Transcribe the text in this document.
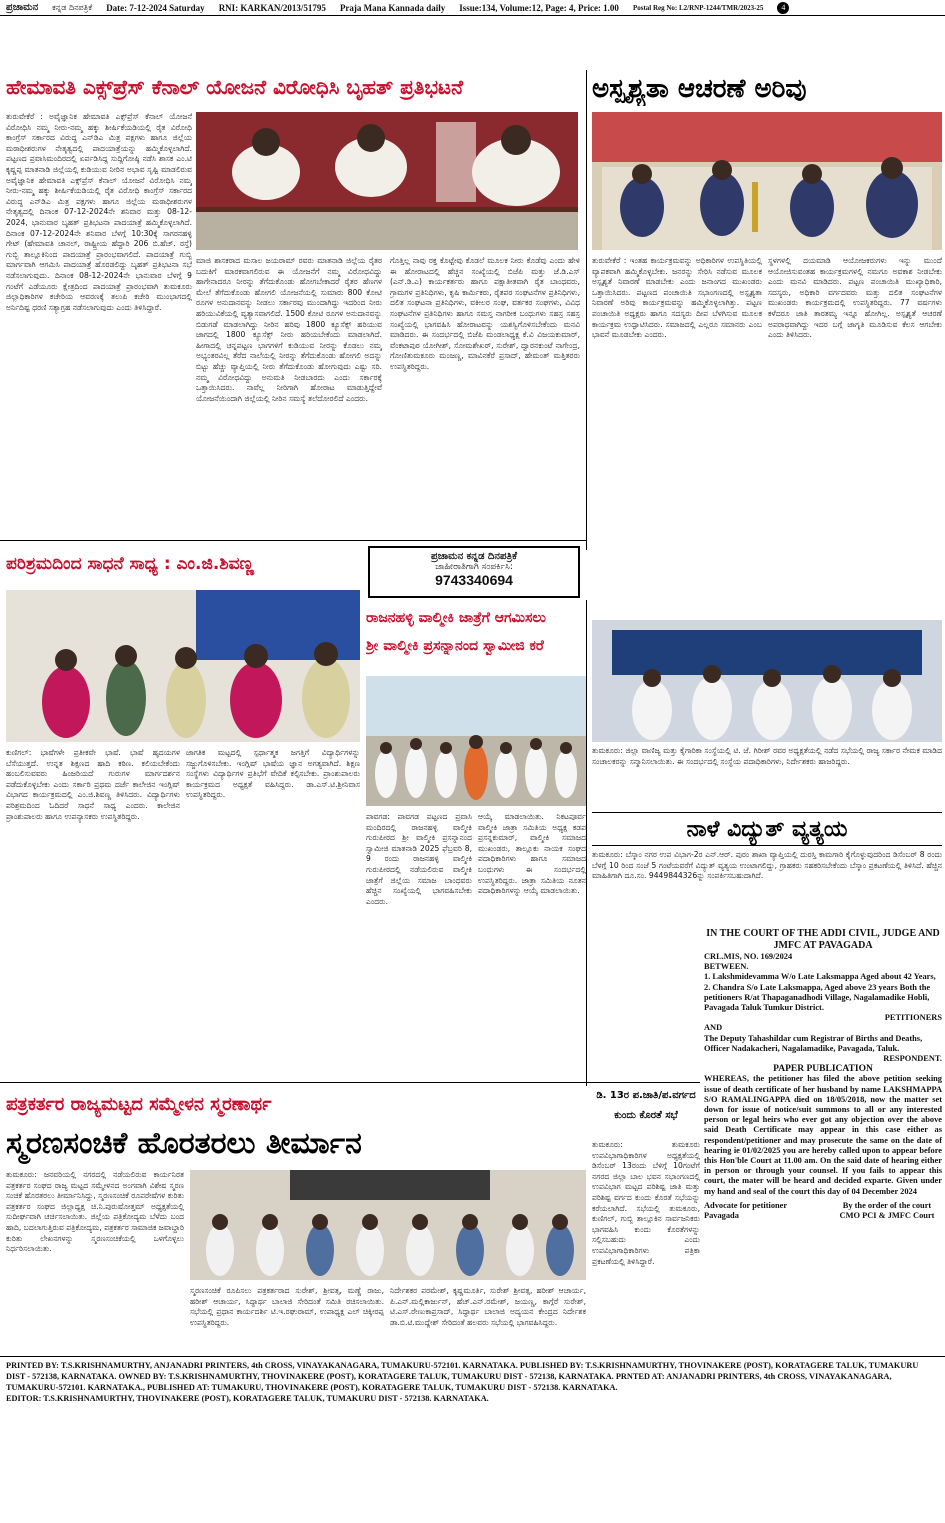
ಪ್ರಜಾಮನ ಕನ್ನಡ ದಿನಪತ್ರಿಕೆ Date: 7-12-2024 Saturday RNI: KARKAN/2013/51795 Praja Mana Kannada daily Issue:134, Volume:12, Page: 4, Price: 1.00 Postal Reg No: L2/RNP-1244/TMR/2023-25	4
ಹೇಮಾವತಿ ಎಕ್ಸ್‌ಪ್ರೆಸ್ ಕೆನಾಲ್ ಯೋಜನೆ ವಿರೋಧಿಸಿ ಬೃಹತ್ ಪ್ರತಿಭಟನೆ	ಅಸ್ಪೃಶ್ಯತಾ ಆಚರಣೆ ಅರಿವು
ತುರುವೇಕೆರೆ : ಅವೈಜ್ಞಾನಿಕ ಹೇಮಾವತಿ ಎಕ್ಸ್‌ಪ್ರೆಸ್ ಕೆನಾಲ್ ಯೋಜನೆ ವಿರೋಧಿಸಿ ನಮ್ಮ ನೀರು-ನಮ್ಮ ಹಕ್ಕು ಶೀರ್ಷಿಕೆಯಡಿಯಲ್ಲಿ ರೈತ ವಿರೋಧಿ ಕಾಂಗ್ರೆಸ್ ಸರ್ಕಾರದ ವಿರುದ್ಧ ಎನ್‌ಡಿಎ ಮಿತ್ರ ಪಕ್ಷಗಳು ಹಾಗೂ ಜಿಲ್ಲೆಯ ಮಠಾಧೀಶರುಗಳ ನೇತೃತ್ವದಲ್ಲಿ ಪಾದಯಾತ್ರೆಯನ್ನು ಹಮ್ಮಿಕೊಳ್ಳಲಾಗಿದೆ. ಪಟ್ಟಣದ ಪ್ರವಾಸಿಮಂದಿರದಲ್ಲಿ ಏರ್ಪಡಿಸಿದ್ದ ಸುದ್ದಿಗೋಷ್ಠಿ ನಡೆಸಿ ಶಾಸಕ ಎಂ.ಟಿ ಕೃಷ್ಣಪ್ಪ ಮಾತನಾಡಿ ಜಿಲ್ಲೆಯಲ್ಲಿ ಕುಡಿಯುವ ನೀರಿನ ಅಭಾವ ಸೃಷ್ಟಿ ಮಾಡಲಿರುವ ಅವೈಜ್ಞಾನಿಕ ಹೇಮಾವತಿ ಎಕ್ಸ್‌ಪ್ರೆಸ್ ಕೆನಾಲ್ ಯೋಜನೆ ವಿರೋಧಿಸಿ ನಮ್ಮ ನೀರು-ನಮ್ಮ ಹಕ್ಕು ಶೀರ್ಷಿಕೆಯಡಿಯಲ್ಲಿ ರೈತ ವಿರೋಧಿ ಕಾಂಗ್ರೆಸ್ ಸರ್ಕಾರದ ವಿರುದ್ಧ ಎನ್‌ಡಿಎ ಮಿತ್ರ ಪಕ್ಷಗಳು ಹಾಗೂ ಜಿಲ್ಲೆಯ ಮಠಾಧೀಶರುಗಳ ನೇತೃತ್ವದಲ್ಲಿ ದಿನಾಂಕ 07-12-2024ನೇ ಶನಿವಾರ ಮತ್ತು 08-12-2024, ಭಾನುವಾರ ಬೃಹತ್ ಪ್ರತಿಭಟನಾ ಪಾದಯಾತ್ರೆ ಹಮ್ಮಿಕೊಳ್ಳಲಾಗಿದೆ. ದಿನಾಂಕ 07-12-2024ನೇ ಶನಿವಾರ ಬೆಳಗ್ಗೆ 10:30ಕ್ಕೆ ಸಾಗರನಹಳ್ಳಿ ಗೇಟ್ (ಹೇಮಾವತಿ ಚಾನಲ್, ರಾಷ್ಟ್ರೀಯ ಹೆದ್ದಾರಿ 206 ಬಿ.ಹೆಚ್. ರಸ್ತೆ) ಗುಬ್ಬಿ ತಾಲ್ಲೂಕಿನಿಂದ ಪಾದಯಾತ್ರೆ ಪ್ರಾರಂಭವಾಗಲಿದೆ. ಪಾದಯಾತ್ರೆ ಗುಬ್ಬಿ ಮಾರ್ಗವಾಗಿ ಆಗಮಿಸಿ ಪಾದಯಾತ್ರೆ ಹೊರಡಲಿದ್ದು ಬೃಹತ್ ಪ್ರತಿಭಟನಾ ಸಭೆ ನಡೆಸಲಾಗುವುದು. ದಿನಾಂಕ 08-12-2024ನೇ ಭಾನುವಾರ ಬೆಳಗ್ಗೆ 9 ಗಂಟೆಗೆ ಎಡೆಯೂರು ಕ್ಷೇತ್ರದಿಂದ ಪಾದಯಾತ್ರೆ ಪ್ರಾರಂಭವಾಗಿ ತುಮಕೂರು ಜಿಲ್ಲಾಧಿಕಾರಿಗಳ ಕಚೇರಿಯ ಆವರಣಕ್ಕೆ ತಲುಪಿ ಕಚೇರಿ ಮುಂಭಾಗದಲ್ಲಿ ಅರ್ನಿದಿಷ್ಟ ಧರಣಿ ಸತ್ಯಾಗ್ರಹ ನಡೆಸಲಾಗುವುದು ಎಂದು ತಿಳಿಸಿದ್ದಾರೆ.
ಮಾಜಿ ಶಾಸಕರಾದ ಮಸಾಲ ಜಯರಾಮ್ ರವರು ಮಾತನಾಡಿ ಜಿಲ್ಲೆಯ ರೈತರ ಬದುಕಿಗೆ ಮಾರಕವಾಗಲಿರುವ ಈ ಯೋಜನೆಗೆ ನಮ್ಮ ವಿರೋಧವಿದ್ದು ಹಾಗೇನಾದರೂ ನೀರನ್ನು ತೆಗೆದುಕೊಂಡು ಹೋಗಬೇಕಾದರೆ ರೈತರ ಹೆಣಗಳ ಮೇಲೆ ತೆಗೆದುಕೊಂಡು ಹೋಗಲಿ ಯೋಜನೆಯಲ್ಲಿ ಸುಮಾರು 800 ಕೋಟಿ ರೂಗಳ ಅನುದಾನವನ್ನು ನೀಡಲು ಸರ್ಕಾರವು ಮುಂದಾಗಿದ್ದು ಇದರಿಂದ ನೀರು ಹರಿಯುವಿಕೆಯಲ್ಲಿ ವ್ಯತ್ಯಾಸವಾಗಲಿದೆ. 1500 ಕೋಟಿ ರೂಗಳ ಅನುದಾನವನ್ನು ಬಿಡುಗಡೆ ಮಾಡಲಾಗಿದ್ದು ನೀರಿನ ಹರಿವು 1800 ಕ್ಯೂಸೆಕ್ಸ್ ಹರಿಯುವ ಜಾಗದಲ್ಲಿ 1800 ಕ್ಯೂಸೆಕ್ಸ್ ನೀರು ಹರಿಯಬೇಕೆಂದು ಮಾಡಲಾಗಿದೆ. ಹೀಗಾದಲ್ಲಿ ಚನ್ನಪಟ್ಟಣ ಭಾಗಗಳಿಗೆ ಕುಡಿಯುವ ನೀರನ್ನು ಕೊಡಲು ನಮ್ಮ ಅಭ್ಯಂತರವಿಲ್ಲ ತೆರೆದ ನಾಲೆಯಲ್ಲಿ ನೀರನ್ನು ತೆಗೆದುಕೊಂಡು ಹೋಗಲಿ ಅದನ್ನು ಬಿಟ್ಟು ಹೆಚ್ಚು ವ್ಯಾಪ್ತಿಯಲ್ಲಿ ನೀರು ತೆಗೆದುಕೊಂಡು ಹೋಗುವುದು ಎಷ್ಟು ಸರಿ. ನಮ್ಮ ವಿರೋಧವಿದ್ದು ಅನುಮತಿ ನೀಡಬಾರದು ಎಂದು ಸರ್ಕಾರಕ್ಕೆ ಒತ್ತಾಯಿಸಿದರು. ನಾವೆಲ್ಲ ನೀರಿಗಾಗಿ ಹೋರಾಟ ಮಾಡುತ್ತಿದ್ದೇವೆ ಯೋಜನೆಯಿಂದಾಗಿ ಜಿಲ್ಲೆಯಲ್ಲಿ ನೀರಿನ ಸಮಸ್ಯೆ ತಲೆದೋರಲಿದೆ ಎಂದರು.
ಗೊತ್ತಿಲ್ಲ ನಾವು ರಕ್ತ ಕೊಟ್ಟೇವು ಕೊಡಲೆ ಮೂಲಕ ನೀರು ಕೊಡೆವು ಎಂದು ಹೇಳಿ ಈ ಹೋರಾಟದಲ್ಲಿ ಹೆಚ್ಚಿನ ಸಂಖ್ಯೆಯಲ್ಲಿ ಬಿಜೆಪಿ ಮತ್ತು ಜೆ.ಡಿ.ಎಸ್ (ಎನ್.ಡಿ.ಎ) ಕಾರ್ಯಕರ್ತರು ಹಾಗೂ ಪಕ್ಷಾತೀತವಾಗಿ ರೈತ ಬಾಂಧವರು, ಗ್ರಾಮಗಳ ಪ್ರತಿನಿಧಿಗಳು, ಕೃಷಿ ಕಾರ್ಮಿಕರು, ರೈತಪರ ಸಂಘಟನೆಗಳ ಪ್ರತಿನಿಧಿಗಳು, ದಲಿತ ಸಂಘಟನಾ ಪ್ರತಿನಿಧಿಗಳು, ವಕೀಲರ ಸಂಘ, ವರ್ತಕರ ಸಂಘಗಳು, ವಿವಿಧ ಸಂಘಟನೆಗಳ ಪ್ರತಿನಿಧಿಗಳು ಹಾಗೂ ಸಮಸ್ತ ನಾಗರೀಕ ಬಂಧುಗಳು ಸಹಸ್ರ ಸಹಸ್ರ ಸಂಖ್ಯೆಯಲ್ಲಿ ಭಾಗವಹಿಸಿ ಹೋರಾಟವನ್ನು ಯಶಸ್ವಿಗೊಳಿಸಬೇಕೆಂದು ಮನವಿ ಮಾಡಿದರು. ಈ ಸಂದರ್ಭದಲ್ಲಿ ಬಿಜೆಪಿ ಮಂಡಲಾಧ್ಯಕ್ಷ ಕೆ.ವಿ ವಿಜಯಕುಮಾರ್, ವೆಂಕಟಾಪುರ ಯೋಗೀಶ್, ಸೋಮಶೇಖರ್, ಸುರೇಶ್, ದ್ವಾರನಕುಂಟೆ ನಾಗೇಂದ್ರ, ಗೋಣಿತುಮಕೂರು ಮಂಜಣ್ಣ, ಮಾವಿನಕೆರೆ ಪ್ರಸಾದ್, ಹೇಮಂತ್ ಮತ್ತಿತರರು ಉಪಸ್ಥಿತರಿದ್ದರು.
ತುರುವೇಕೆರೆ : ಇಂತಹ ಕಾರ್ಯಕ್ರಮವನ್ನು ಅಧಿಕಾರಿಗಳ ಉಪಸ್ಥಿತಿಯಲ್ಲಿ ವ್ಯಾಪಕವಾಗಿ ಹಮ್ಮಿಕೊಳ್ಳಬೇಕು. ಜನರನ್ನು ಸೇರಿಸಿ ನಡೆಸುವ ಮೂಲಕ ಅಸ್ಪೃಶ್ಯತೆ ನಿವಾರಣೆ ಮಾಡಬೇಕು ಎಂದು ಜನಾಂಗದ ಮುಖಂಡರು ಒತ್ತಾಯಿಸಿದರು. ಪಟ್ಟಣದ ಪಂಚಾಯಿತಿ ಸಭಾಂಗಣದಲ್ಲಿ ಅಸ್ಪೃಶ್ಯತಾ ನಿವಾರಣೆ ಅರಿವು ಕಾರ್ಯಕ್ರಮವನ್ನು ಹಮ್ಮಿಕೊಳ್ಳಲಾಗಿತ್ತು. ಪಟ್ಟಣ ಪಂಚಾಯಿತಿ ಅಧ್ಯಕ್ಷರು ಹಾಗೂ ಸದಸ್ಯರು ದೀಪ ಬೆಳಗಿಸುವ ಮೂಲಕ ಕಾರ್ಯಕ್ರಮ ಉದ್ಘಾಟಿಸಿದರು. ಸಮಾಜದಲ್ಲಿ ಎಲ್ಲರೂ ಸಮಾನರು ಎಂಬ ಭಾವನೆ ಮೂಡಬೇಕು ಎಂದರು.
ಸ್ಥಳಗಳಲ್ಲಿ ದಯಮಾಡಿ ಆಯೋಜಕರುಗಳು ಇನ್ನು ಮುಂದೆ ಆಯೋಜಿಸುವಂತಹ ಕಾರ್ಯಕ್ರಮಗಳಲ್ಲಿ ನಮಗೂ ಅವಕಾಶ ನೀಡಬೇಕು ಎಂದು ಮನವಿ ಮಾಡಿದರು. ಪಟ್ಟಣ ಪಂಚಾಯಿತಿ ಮುಖ್ಯಾಧಿಕಾರಿ, ಸದಸ್ಯರು, ಅಧಿಕಾರಿ ವರ್ಗದವರು ಮತ್ತು ದಲಿತ ಸಂಘಟನೆಗಳ ಮುಖಂಡರು ಕಾರ್ಯಕ್ರಮದಲ್ಲಿ ಉಪಸ್ಥಿತರಿದ್ದರು. 77 ವರ್ಷಗಳು ಕಳೆದರೂ ಜಾತಿ ತಾರತಮ್ಯ ಇನ್ನೂ ಹೋಗಿಲ್ಲ. ಅಸ್ಪೃಶ್ಯತೆ ಆಚರಣೆ ಅಪರಾಧವಾಗಿದ್ದು ಇದರ ಬಗ್ಗೆ ಜಾಗೃತಿ ಮೂಡಿಸುವ ಕೆಲಸ ಆಗಬೇಕು ಎಂದು ತಿಳಿಸಿದರು.
ತುಮಕೂರು: ಜಿಲ್ಲಾ ವಾಣಿಜ್ಯ ಮತ್ತು ಕೈಗಾರಿಕಾ ಸಂಸ್ಥೆಯಲ್ಲಿ ಟಿ. ಜೆ. ಗಿರೀಶ್ ರವರ ಅಧ್ಯಕ್ಷತೆಯಲ್ಲಿ ನಡೆದ ಸಭೆಯಲ್ಲಿ ರಾಜ್ಯ ಸರ್ಕಾರ ನೇಮಕ ಮಾಡಿದ ಸಂಚಾಲಕರನ್ನು ಸನ್ಮಾನಿಸಲಾಯಿತು. ಈ ಸಂದರ್ಭದಲ್ಲಿ ಸಂಸ್ಥೆಯ ಪದಾಧಿಕಾರಿಗಳು, ನಿರ್ದೇಶಕರು ಹಾಜರಿದ್ದರು.
ಪರಿಶ್ರಮದಿಂದ ಸಾಧನೆ ಸಾಧ್ಯ : ಎಂ.ಜಿ.ಶಿವಣ್ಣ	ಪ್ರಜಾಮನ ಕನ್ನಡ ದಿನಪತ್ರಿಕೆ
ಜಾಹೀರಾತಿಗಾಗಿ ಸಂಪರ್ಕಿಸಿ:
9743340694
ಕುಣಿಗಲ್: ಭಾಷೆಗಳೇ ಪ್ರತೀಕವೇ ಭಾಷೆ. ಭಾಷೆ ಹೃದಯಗಳ ಬೆಸೆಯುತ್ತದೆ. ಉನ್ನತ ಶಿಕ್ಷಣದ ಹಾದಿ ಕಠಿಣ. ಕಲಿಯಬೇಕೆಂದು ಹಂಬಲಿಸುವವರು ಹಿಂಜರಿಯದೆ ಗುರುಗಳ ಮಾರ್ಗದರ್ಶನ ಪಡೆದುಕೊಳ್ಳಬೇಕು ಎಂದು ಸರ್ಕಾರಿ ಪ್ರಥಮ ದರ್ಜೆ ಕಾಲೇಜಿನ ಇಂಗ್ಲಿಷ್ ವಿಭಾಗದ ಕಾರ್ಯಕ್ರಮದಲ್ಲಿ ಎಂ.ಜಿ.ಶಿವಣ್ಣ ತಿಳಿಸಿದರು. ವಿದ್ಯಾರ್ಥಿಗಳು ಪರಿಶ್ರಮದಿಂದ ಓದಿದರೆ ಸಾಧನೆ ಸಾಧ್ಯ ಎಂದರು. ಕಾಲೇಜಿನ ಪ್ರಾಂಶುಪಾಲರು ಹಾಗೂ ಉಪನ್ಯಾಸಕರು ಉಪಸ್ಥಿತರಿದ್ದರು.
ಜಾಗತಿಕ ಮಟ್ಟದಲ್ಲಿ ಸ್ಪರ್ಧಾತ್ಮಕ ಜಗತ್ತಿಗೆ ವಿದ್ಯಾರ್ಥಿಗಳನ್ನು ಸಜ್ಜುಗೊಳಿಸಬೇಕು. ಇಂಗ್ಲಿಷ್ ಭಾಷೆಯ ಜ್ಞಾನ ಅಗತ್ಯವಾಗಿದೆ. ಶಿಕ್ಷಣ ಸಂಸ್ಥೆಗಳು ವಿದ್ಯಾರ್ಥಿಗಳ ಪ್ರತಿಭೆಗೆ ವೇದಿಕೆ ಕಲ್ಪಿಸಬೇಕು. ಪ್ರಾಂಶುಪಾಲರು ಕಾರ್ಯಕ್ರಮದ ಅಧ್ಯಕ್ಷತೆ ವಹಿಸಿದ್ದರು. ಡಾ.ಎಸ್.ಟಿ.ಶ್ರೀನಿವಾಸ ಉಪಸ್ಥಿತರಿದ್ದರು.
ರಾಜನಹಳ್ಳಿ ವಾಲ್ಮೀಕಿ ಜಾತ್ರೆಗೆ ಆಗಮಿಸಲು
ಶ್ರೀ ವಾಲ್ಮೀಕಿ ಪ್ರಸನ್ನಾನಂದ ಸ್ವಾಮೀಜಿ ಕರೆ
ಪಾವಗಡ: ಪಾವಗಡ ಪಟ್ಟಣದ ಪ್ರವಾಸಿ ಮಂದಿರದಲ್ಲಿ ರಾಜನಹಳ್ಳಿ ವಾಲ್ಮೀಕಿ ಗುರುಪೀಠದ ಶ್ರೀ ವಾಲ್ಮೀಕಿ ಪ್ರಸನ್ನಾನಂದ ಸ್ವಾಮೀಜಿ ಮಾತನಾಡಿ 2025 ಫೆಬ್ರವರಿ 8, 9 ರಂದು ರಾಜನಹಳ್ಳಿ ವಾಲ್ಮೀಕಿ ಗುರುಪೀಠದಲ್ಲಿ ನಡೆಯಲಿರುವ ವಾಲ್ಮೀಕಿ ಜಾತ್ರೆಗೆ ಜಿಲ್ಲೆಯ ಸಮಾಜ ಬಾಂಧವರು ಹೆಚ್ಚಿನ ಸಂಖ್ಯೆಯಲ್ಲಿ ಭಾಗವಹಿಸಬೇಕು ಎಂದರು.
ಆಯ್ಕೆ ಮಾಡಲಾಯಿತು. ನಿಕಟಪೂರ್ವ ವಾಲ್ಮೀಕಿ ಜಾತ್ರಾ ಸಮಿತಿಯ ಅಧ್ಯಕ್ಷ ಕಡಪ ಪ್ರಸನ್ನಕುಮಾರ್, ವಾಲ್ಮೀಕಿ ಸಮಾಜದ ಮುಖಂಡರು, ತಾಲ್ಲೂಕು ನಾಯಕ ಸಂಘದ ಪದಾಧಿಕಾರಿಗಳು ಹಾಗೂ ಸಮಾಜದ ಬಂಧುಗಳು ಈ ಸಂದರ್ಭದಲ್ಲಿ ಉಪಸ್ಥಿತರಿದ್ದರು. ಜಾತ್ರಾ ಸಮಿತಿಯ ನೂತನ ಪದಾಧಿಕಾರಿಗಳನ್ನು ಆಯ್ಕೆ ಮಾಡಲಾಯಿತು.
ನಾಳೆ ವಿದ್ಯುತ್ ವ್ಯತ್ಯಯ
ತುಮಕೂರು: ಬೆಸ್ಕಾಂ ನಗರ ಉಪ ವಿಭಾಗ-2ರ ಎನ್.ಆರ್. ಪುರಂ ಶಾಖಾ ವ್ಯಾಪ್ತಿಯಲ್ಲಿ ದುರಸ್ತಿ ಕಾಮಗಾರಿ ಕೈಗೊಳ್ಳುವುದರಿಂದ ಡಿಸೆಂಬರ್ 8 ರಂದು ಬೆಳಗ್ಗೆ 10 ರಿಂದ ಸಂಜೆ 5 ಗಂಟೆಯವರೆಗೆ ವಿದ್ಯುತ್ ವ್ಯತ್ಯಯ ಉಂಟಾಗಲಿದ್ದು, ಗ್ರಾಹಕರು ಸಹಕರಿಸಬೇಕೆಂದು ಬೆಸ್ಕಾಂ ಪ್ರಕಟಣೆಯಲ್ಲಿ ತಿಳಿಸಿದೆ. ಹೆಚ್ಚಿನ ಮಾಹಿತಿಗಾಗಿ ದೂ.ಸಂ. 9449844326ನ್ನು ಸಂಪರ್ಕಿಸಬಹುದಾಗಿದೆ.
IN THE COURT OF THE ADDI CIVIL, JUDGE AND JMFC AT PAVAGADA
CRL.MIS, NO. 169/2024
BETWEEN.
1. Lakshmidevamma W/o Late Laksmappa Aged about 42 Years,
2. Chandra S/o Late Laksmappa, Aged above 23 years Both the petitioners R/at Thapaganadhodi Village, Nagalamadike Hobli, Pavagada Taluk Tumkur District.
PETITIONERS
AND
The Deputy Tahashildar cum Registrar of Births and Deaths, Officer Nadakacheri, Nagalamadike, Pavagada, Taluk.
RESPONDENT.
PAPER PUBLICATION
WHEREAS, the petitioner has filed the above petition seeking issue of death certificate of her husband by name LAKSHMAPPA S/O RAMALINGAPPA died on 18/05/2018, now the matter set down for issue of notice/suit summons to all or any interested person or legal heirs who ever got any objection over the above said Death Certificate may appear in this case either as respondent/petitioner and may prosecute the same on the date of hearing ie 01/02/2025 you are hereby called upon to appear before this Hon'ble Court at 11.00 am. On the said date of hearing either in person or through your counsel. If you fails to appear this court, the mater will be heard and decided exparte. Given under my hand and seal of the court this day of 04 December 2024
Advocate for petitioner Pavagada
By the order of the court CMO PCI & JMFC Court
ಪತ್ರಕರ್ತರ ರಾಜ್ಯಮಟ್ಟದ ಸಮ್ಮೇಳನ ಸ್ಮರಣಾರ್ಥ
ಸ್ಮರಣಸಂಚಿಕೆ ಹೊರತರಲು ತೀರ್ಮಾನ
ಡಿ. 13ರ ಪ.ಜಾತಿ/ಪ.ವರ್ಗದ
ಕುಂದು ಕೊರತೆ ಸಭೆ
ತುಮಕೂರು: ತುಮಕೂರು ಉಪವಿಭಾಗಾಧಿಕಾರಿಗಳ ಅಧ್ಯಕ್ಷತೆಯಲ್ಲಿ ಡಿಸೆಂಬರ್ 13ರಂದು ಬೆಳಿಗ್ಗೆ 10ಗಂಟೆಗೆ ನಗರದ ಜಿಲ್ಲಾ ಬಾಲ ಭವನ ಸಭಾಂಗಣದಲ್ಲಿ ಉಪವಿಭಾಗ ಮಟ್ಟದ ಪರಿಶಿಷ್ಟ ಜಾತಿ ಮತ್ತು ಪರಿಶಿಷ್ಟ ವರ್ಗದ ಕುಂದು ಕೊರತೆ ಸಭೆಯನ್ನು ಕರೆಯಲಾಗಿದೆ. ಸಭೆಯಲ್ಲಿ ತುಮಕೂರು, ಕುಣಿಗಲ್, ಗುಬ್ಬಿ ತಾಲ್ಲೂಕಿನ ಸಾರ್ವಜನಿಕರು ಭಾಗವಹಿಸಿ ಕುಂದು ಕೊರತೆಗಳನ್ನು ಸಲ್ಲಿಸಬಹುದು ಎಂದು ಉಪವಿಭಾಗಾಧಿಕಾರಿಗಳು ಪತ್ರಿಕಾ ಪ್ರಕಟಣೆಯಲ್ಲಿ ತಿಳಿಸಿದ್ದಾರೆ.
ತುಮಕೂರು: ಜನವರಿಯಲ್ಲಿ ನಗರದಲ್ಲಿ ನಡೆಯಲಿರುವ ಕಾರ್ಯನಿರತ ಪತ್ರಕರ್ತರ ಸಂಘದ ರಾಜ್ಯ ಮಟ್ಟದ ಸಮ್ಮೇಳನದ ಅಂಗವಾಗಿ ವಿಶೇಷ ಸ್ಮರಣ ಸಂಚಿಕೆ ಹೊರತರಲು ತೀರ್ಮಾನಿಸಿದ್ದು, ಸ್ಮರಣಸಂಚಿಕೆ ರೂಪರೇಷೆಗಳ ಕುರಿತು ಪತ್ರಕರ್ತರ ಸಂಘದ ಜಿಲ್ಲಾಧ್ಯಕ್ಷ ಚಿ.ನಿ.ಪುರುಷೋತ್ತಮ್ ಅಧ್ಯಕ್ಷತೆಯಲ್ಲಿ ಸುದೀರ್ಘವಾಗಿ ಚರ್ಚಿಸಲಾಯಿತು. ಜಿಲ್ಲೆಯ ಪತ್ರಿಕೋದ್ಯಮ ಬೆಳೆದು ಬಂದ ಹಾದಿ, ಬದಲಾಗುತ್ತಿರುವ ಪತ್ರಿಕೋದ್ಯಮ, ಪತ್ರಕರ್ತರ ಸಾಮಾಜಿಕ ಜವಾಬ್ದಾರಿ ಕುರಿತು ಲೇಖನಗಳನ್ನು ಸ್ಮರಣಸಂಚಿಕೆಯಲ್ಲಿ ಒಳಗೊಳ್ಳಲು ನಿರ್ಧರಿಸಲಾಯಿತು.
ಸ್ಮರಣಸಂಚಿಕೆ ರೂಪಿಸಲು ಪತ್ರಕರ್ತರಾದ ಸುರೇಶ್, ಶ್ರೀವತ್ಸ, ಮಣ್ಣೆ ರಾಜು, ಹರೀಶ್ ಆಚಾರ್ಯ, ಸಿದ್ಧಾರ್ಥ ಬಾಲಾಜಿ ಸೇರಿದಂತೆ ಸಮಿತಿ ರಚಿಸಲಾಯಿತು. ಸಭೆಯಲ್ಲಿ ಪ್ರಧಾನ ಕಾರ್ಯದರ್ಶಿ ಟಿ.ಇ.ರಘುರಾಮ್, ಉಪಾಧ್ಯಕ್ಷ ಎಲ್ ಚಿಕ್ಕೀರಪ್ಪ ಉಪಸ್ಥಿತರಿದ್ದರು.
ನಿರ್ದೇಶಕರ ಪರಮೇಶ್, ಕೃಷ್ಣಮೂರ್ತಿ, ಸುರೇಶ್ ಶ್ರೀವತ್ಸ, ಹರೀಶ್ ಆಚಾರ್ಯ, ಪಿ.ಎನ್.ಮಲ್ಲಿಕಾರ್ಜುನ್, ಹೆಚ್.ಎನ್.ರಮೇಶ್, ಜಯಣ್ಣ, ಕಾಗ್ಗೆರೆ ಸುರೇಶ್, ಟಿ.ಎಸ್.ರೇಣುಕಾಪ್ರಸಾದ್, ಸಿದ್ಧಾರ್ಥ ಬಾಲಾಜಿ ಅದ್ಯಯನ ಕೇಂದ್ರದ ನಿರ್ದೇಶಕ ಡಾ.ಬಿ.ಟಿ.ಮುದ್ದೇಶ್ ಸೇರಿದಂತೆ ಹಲವರು ಸಭೆಯಲ್ಲಿ ಭಾಗವಹಿಸಿದ್ದರು.
PRINTED BY: T.S.KRISHNAMURTHY, ANJANADRI PRINTERS, 4th CROSS, VINAYAKANAGARA, TUMAKURU-572101. KARNATAKA. PUBLISHED BY: T.S.KRISHNAMURTHY, THOVINAKERE (POST), KORATAGERE TALUK, TUMAKURU DIST - 572138, KARNATAKA. OWNED BY: T.S.KRISHNAMURTHY, THOVINAKERE (POST), KORATAGERE TALUK, TUMAKURU DIST - 572138, KARNATAKA. PRNTED AT: ANJANADRI PRINTERS, 4th CROSS, VINAYAKANAGARA, TUMAKURU-572101. KARNATAKA., PUBLISHED AT: TUMAKURU, THOVINAKERE (POST), KORATAGERE TALUK, TUMAKURU DIST - 572138. KARNATAKA.
EDITOR: T.S.KRISHNAMURTHY, THOVINAKERE (POST), KORATAGERE TALUK, TUMAKURU DIST - 572138. KARNATAKA.
